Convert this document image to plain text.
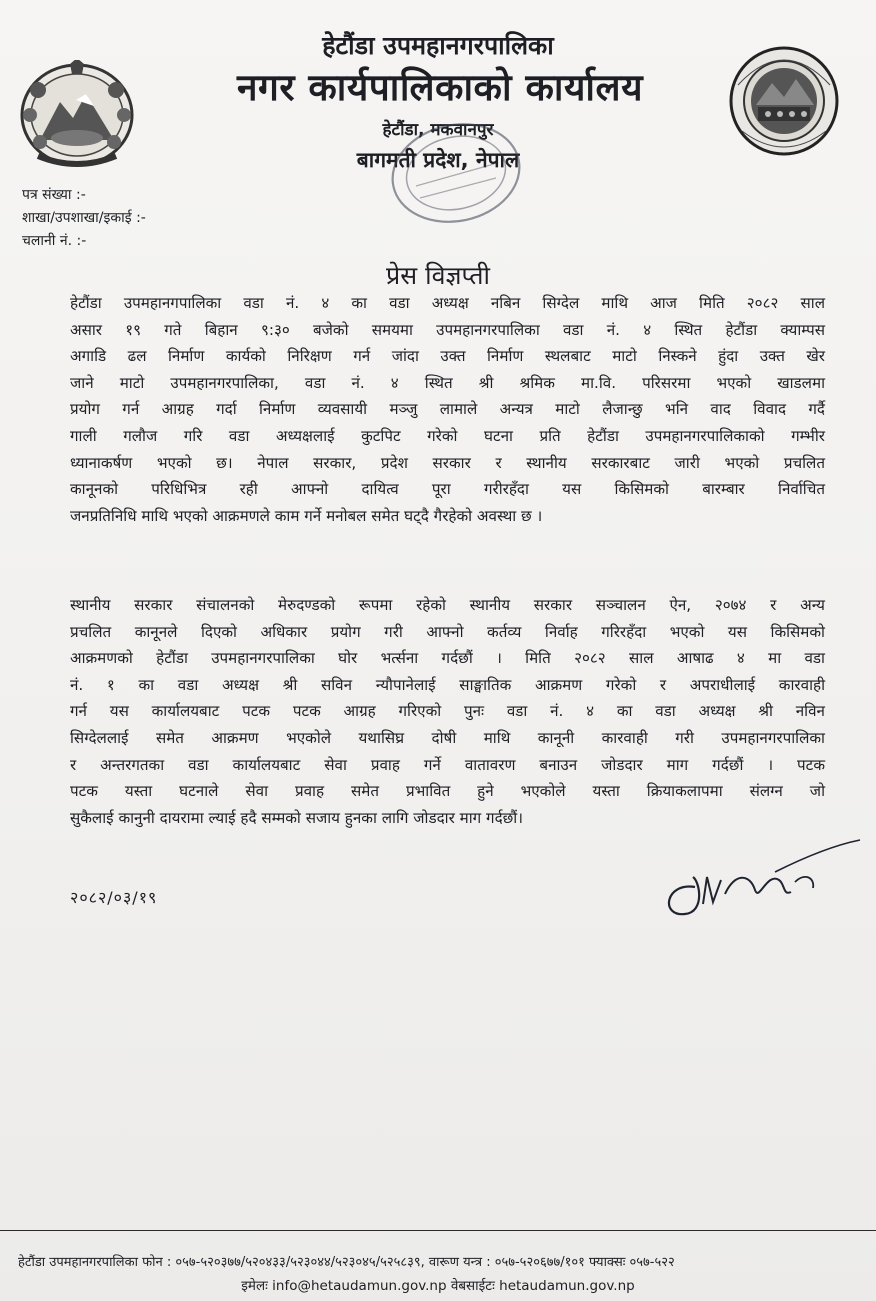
हेटौंडा उपमहानगरपालिका
नगर कार्यपालिकाको कार्यालय
हेटौंडा, मकवानपुर
बागमती प्रदेश, नेपाल
पत्र संख्या :-
शाखा/उपशाखा/इकाई :-
चलानी नं. :-
प्रेस विज्ञप्ती
हेटौंडा उपमहानगपालिका वडा नं. ४ का वडा अध्यक्ष नबिन सिग्देल माथि आज मिति २०८२ साल
असार १९ गते बिहान ९:३० बजेको समयमा उपमहानगरपालिका वडा नं. ४ स्थित हेटौंडा क्याम्पस
अगाडि ढल निर्माण कार्यको निरिक्षण गर्न जांदा उक्त निर्माण स्थलबाट माटो निस्कने हुंदा उक्त खेर
जाने माटो उपमहानगरपालिका, वडा नं. ४ स्थित श्री श्रमिक मा.वि. परिसरमा भएको खाडलमा
प्रयोग गर्न आग्रह गर्दा निर्माण व्यवसायी मञ्जु लामाले अन्यत्र माटो लैजान्छु भनि वाद विवाद गर्दै
गाली गलौज गरि वडा अध्यक्षलाई कुटपिट गरेको घटना प्रति हेटौंडा उपमहानगरपालिकाको गम्भीर
ध्यानाकर्षण भएको छ। नेपाल सरकार, प्रदेश सरकार र स्थानीय सरकारबाट जारी भएको प्रचलित
कानूनको परिधिभित्र रही आफ्नो दायित्व पूरा गरीरहँदा यस किसिमको बारम्बार निर्वाचित
जनप्रतिनिधि माथि भएको आक्रमणले काम गर्ने मनोबल समेत घट्दै गैरहेको अवस्था छ ।
स्थानीय सरकार संचालनको मेरुदण्डको रूपमा रहेको स्थानीय सरकार सञ्चालन ऐन, २०७४ र अन्य
प्रचलित कानूनले दिएको अधिकार प्रयोग गरी आफ्नो कर्तव्य निर्वाह गरिरहँदा भएको यस किसिमको
आक्रमणको हेटौंडा उपमहानगरपालिका घोर भर्त्सना गर्दछौं । मिति २०८२ साल आषाढ ४ मा वडा
नं. १ का वडा अध्यक्ष श्री सविन न्यौपानेलाई साङ्घातिक आक्रमण गरेको र अपराधीलाई कारवाही
गर्न यस कार्यालयबाट पटक पटक आग्रह गरिएको पुनः वडा नं. ४ का वडा अध्यक्ष श्री नविन
सिग्देललाई समेत आक्रमण भएकोले यथासिघ्र दोषी माथि कानूनी कारवाही गरी उपमहानगरपालिका
र अन्तरगतका वडा कार्यालयबाट सेवा प्रवाह गर्ने वातावरण बनाउन जोडदार माग गर्दछौं । पटक
पटक यस्ता घटनाले सेवा प्रवाह समेत प्रभावित हुने भएकोले यस्ता क्रियाकलापमा संलग्न जो
सुकैलाई कानुनी दायरामा ल्याई हदै सम्मको सजाय हुनका लागि जोडदार माग गर्दछौं।
२०८२/०३/१९
हेटौंडा उपमहानगरपालिका फोन : ०५७-५२०३७७/५२०४३३/५२३०४४/५२३०४५/५२५८३९, वारूण यन्त्र : ०५७-५२०६७७/१०१ फ्याक्सः ०५७-५२२
इमेलः info@hetaudamun.gov.np वेबसाईटः hetaudamun.gov.np
